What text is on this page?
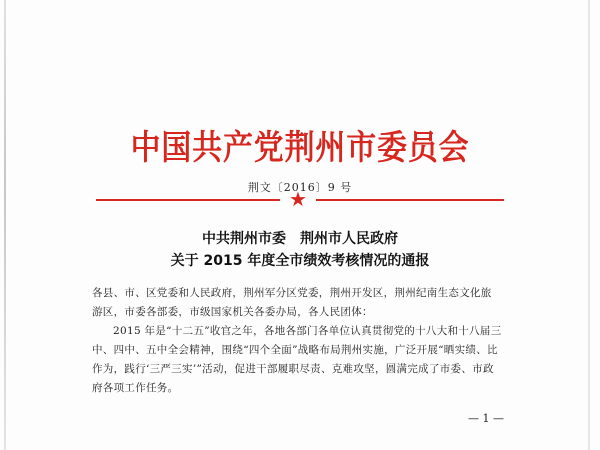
中国共产党荆州市委员会
荆文〔2016〕9 号
★
中共荆州市委　荆州市人民政府
关于 2015 年度全市绩效考核情况的通报

各县、市、区党委和人民政府，荆州军分区党委，荆州开发区，荆州纪南生态文化旅游区，市委各部委，市级国家机关各委办局，各人民团体：

2015 年是“十二五”收官之年，各地各部门各单位认真贯彻党的十八大和十八届三中、四中、五中全会精神，围绕“四个全面”战略布局荆州实施，广泛开展“晒实绩、比作为，践行‘三严三实’”活动，促进干部履职尽责、克难攻坚，圆满完成了市委、市政府各项工作任务。

— 1 —
